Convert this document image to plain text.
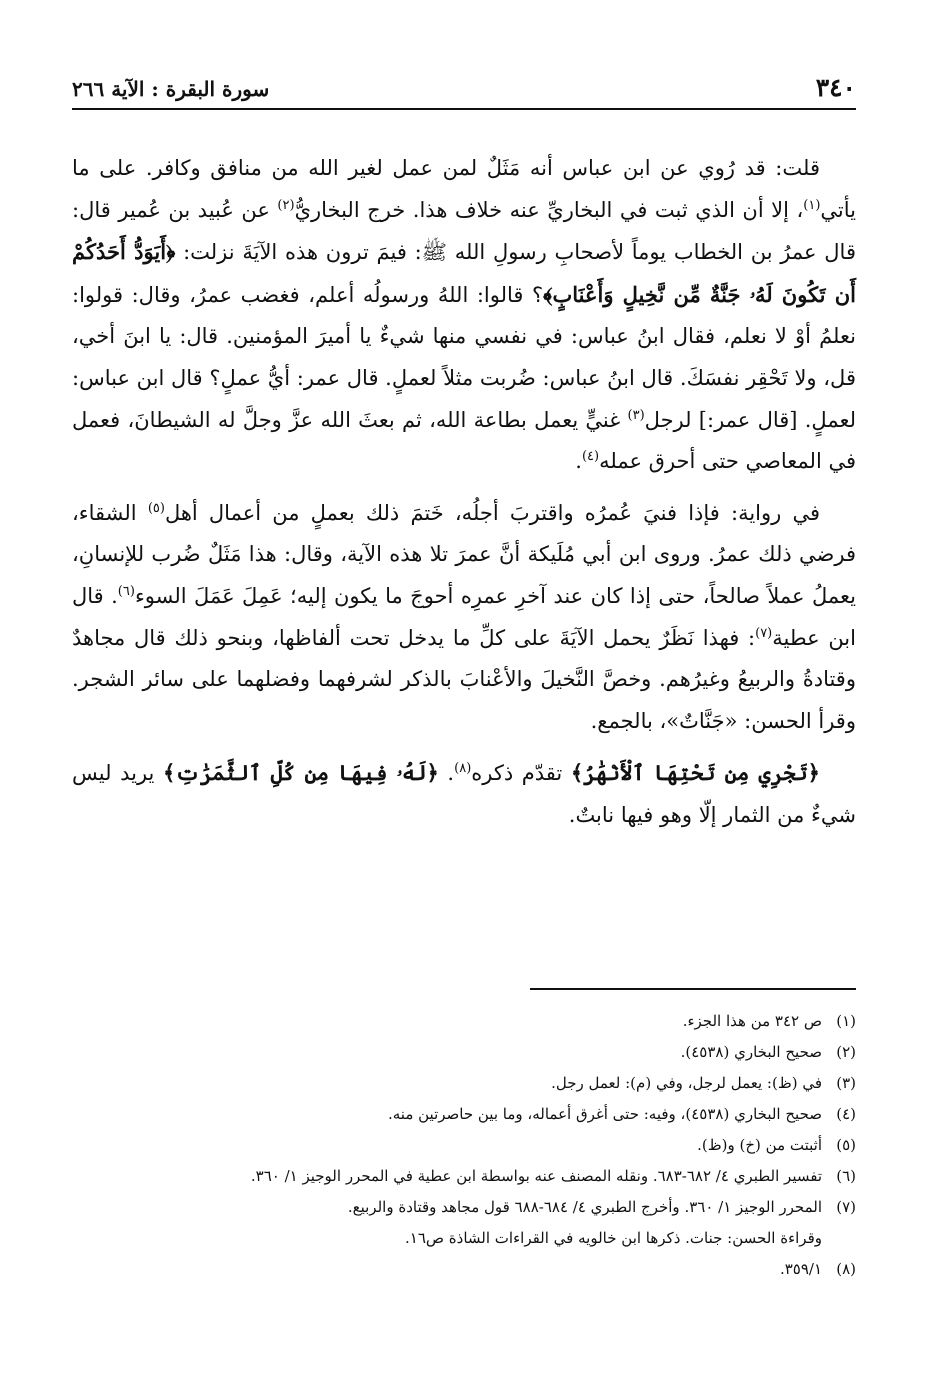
٣٤٠
سورة البقرة : الآية ٢٦٦

قلت: قد رُوي عن ابن عباس أنه مَثَلٌ لمن عمل لغير الله من منافق وكافر. على ما يأتي$^{(١)}$، إلا أن الذي ثبت في البخاريِّ عنه خلاف هذا. خرج البخاريُّ$^{(٢)}$ عن عُبيد بن عُمير قال: قال عمرُ بن الخطاب يوماً لأصحابِ رسولِ الله ﷺ: فيمَ ترون هذه الآيَةَ نزلت: ﴿أَيَوَدُّ أَحَدُكُمْ أَن تَكُونَ لَهُۥ جَنَّةٌ مِّن نَّخِيلٍ وَأَعْنَابٍ﴾؟ قالوا: اللهُ ورسولُه أعلم، فغضب عمرُ، وقال: قولوا: نعلمُ أوْ لا نعلم، فقال ابنُ عباس: في نفسي منها شيءٌ يا أميرَ المؤمنين. قال: يا ابنَ أخي، قل، ولا تَحْقِر نفسَكَ. قال ابنُ عباس: ضُربت مثلاً لعملٍ. قال عمر: أيُّ عملٍ؟ قال ابن عباس: لعملٍ. [قال عمر:] لرجل$^{(٣)}$ غنيٍّ يعمل بطاعة الله، ثم بعثَ الله عزَّ وجلَّ له الشيطانَ، فعمل في المعاصي حتى أحرق عمله$^{(٤)}$.

في رواية: فإذا فنيَ عُمرُه واقتربَ أجلُه، خَتمَ ذلك بعملٍ من أعمال أهل$^{(٥)}$ الشقاء، فرضي ذلك عمرُ. وروى ابن أبي مُلَيكة أنَّ عمرَ تلا هذه الآية، وقال: هذا مَثَلٌ ضُرب للإنسانِ، يعملُ عملاً صالحاً، حتى إذا كان عند آخرِ عمرِه أحوجَ ما يكون إليه؛ عَمِلَ عَمَلَ السوء$^{(٦)}$. قال ابن عطية$^{(٧)}$: فهذا نَظَرٌ يحمل الآيَةَ على كلِّ ما يدخل تحت ألفاظها، وبنحو ذلك قال مجاهدٌ وقتادةُ والربيعُ وغيرُهم. وخصَّ النَّخيلَ والأعْنابَ بالذكر لشرفهما وفضلهما على سائر الشجر. وقرأ الحسن: «جَنَّاتٌ»، بالجمع.

﴿تَجْرِي مِن تَحْتِهَا ٱلْأَنْهَٰرُ﴾ تقدّم ذكره$^{(٨)}$. ﴿لَهُۥ فِيهَا مِن كُلِّ ٱلثَّمَرَٰتِ﴾ يريد ليس شيءٌ من الثمار إلّا وهو فيها نابتٌ.

(١)
ص ٣٤٢ من هذا الجزء.
(٢)
صحيح البخاري (٤٥٣٨).
(٣)
في (ظ): يعمل لرجل، وفي (م): لعمل رجل.
(٤)
صحيح البخاري (٤٥٣٨)، وفيه: حتى أغرق أعماله، وما بين حاصرتين منه.
(٥)
أثبتت من (خ) و(ظ).
(٦)
تفسير الطبري ٤/ ٦٨٢-٦٨٣. ونقله المصنف عنه بواسطة ابن عطية في المحرر الوجيز ١/ ٣٦٠.
(٧)
المحرر الوجيز ١/ ٣٦٠. وأخرج الطبري ٤/ ٦٨٤-٦٨٨ قول مجاهد وقتادة والربيع.
وقراءة الحسن: جنات. ذكرها ابن خالويه في القراءات الشاذة ص١٦.
(٨)
٣٥٩/١.
